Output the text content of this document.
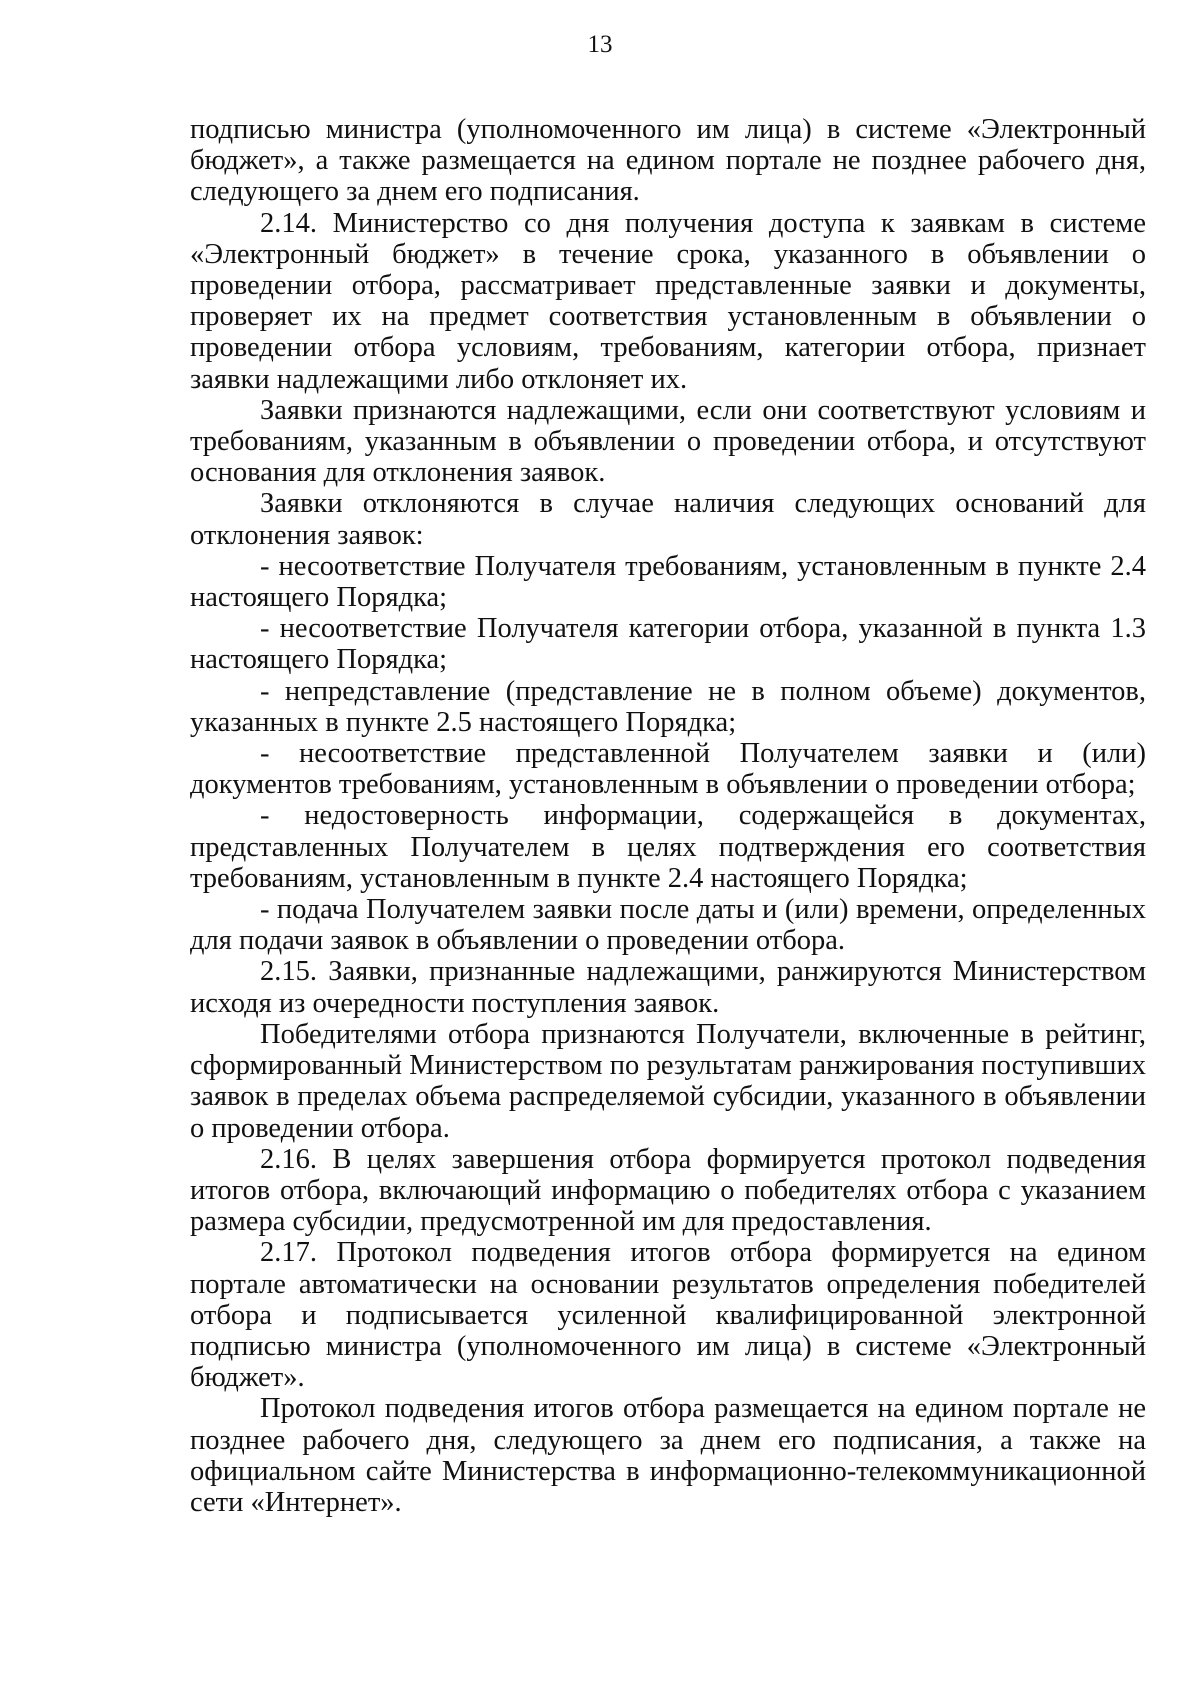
13

подписью министра (уполномоченного им лица) в системе «Электронный бюджет», а также размещается на едином портале не позднее рабочего дня, следующего за днем его подписания.

2.14. Министерство со дня получения доступа к заявкам в системе «Электронный бюджет» в течение срока, указанного в объявлении о проведении отбора, рассматривает представленные заявки и документы, проверяет их на предмет соответствия установленным в объявлении о проведении отбора условиям, требованиям, категории отбора, признает заявки надлежащими либо отклоняет их.

Заявки признаются надлежащими, если они соответствуют условиям и требованиям, указанным в объявлении о проведении отбора, и отсутствуют основания для отклонения заявок.

Заявки отклоняются в случае наличия следующих оснований для отклонения заявок:

- несоответствие Получателя требованиям, установленным в пункте 2.4 настоящего Порядка;

- несоответствие Получателя категории отбора, указанной в пункта 1.3 настоящего Порядка;

- непредставление (представление не в полном объеме) документов, указанных в пункте 2.5 настоящего Порядка;

- несоответствие представленной Получателем заявки и (или) документов требованиям, установленным в объявлении о проведении отбора;

- недостоверность информации, содержащейся в документах, представленных Получателем в целях подтверждения его соответствия требованиям, установленным в пункте 2.4 настоящего Порядка;

- подача Получателем заявки после даты и (или) времени, определенных для подачи заявок в объявлении о проведении отбора.

2.15. Заявки, признанные надлежащими, ранжируются Министерством исходя из очередности поступления заявок.

Победителями отбора признаются Получатели, включенные в рейтинг, сформированный Министерством по результатам ранжирования поступивших заявок в пределах объема распределяемой субсидии, указанного в объявлении о проведении отбора.

2.16. В целях завершения отбора формируется протокол подведения итогов отбора, включающий информацию о победителях отбора с указанием размера субсидии, предусмотренной им для предоставления.

2.17. Протокол подведения итогов отбора формируется на едином портале автоматически на основании результатов определения победителей отбора и подписывается усиленной квалифицированной электронной подписью министра (уполномоченного им лица) в системе «Электронный бюджет».

Протокол подведения итогов отбора размещается на едином портале не позднее рабочего дня, следующего за днем его подписания, а также на официальном сайте Министерства в информационно-телекоммуникационной сети «Интернет».
